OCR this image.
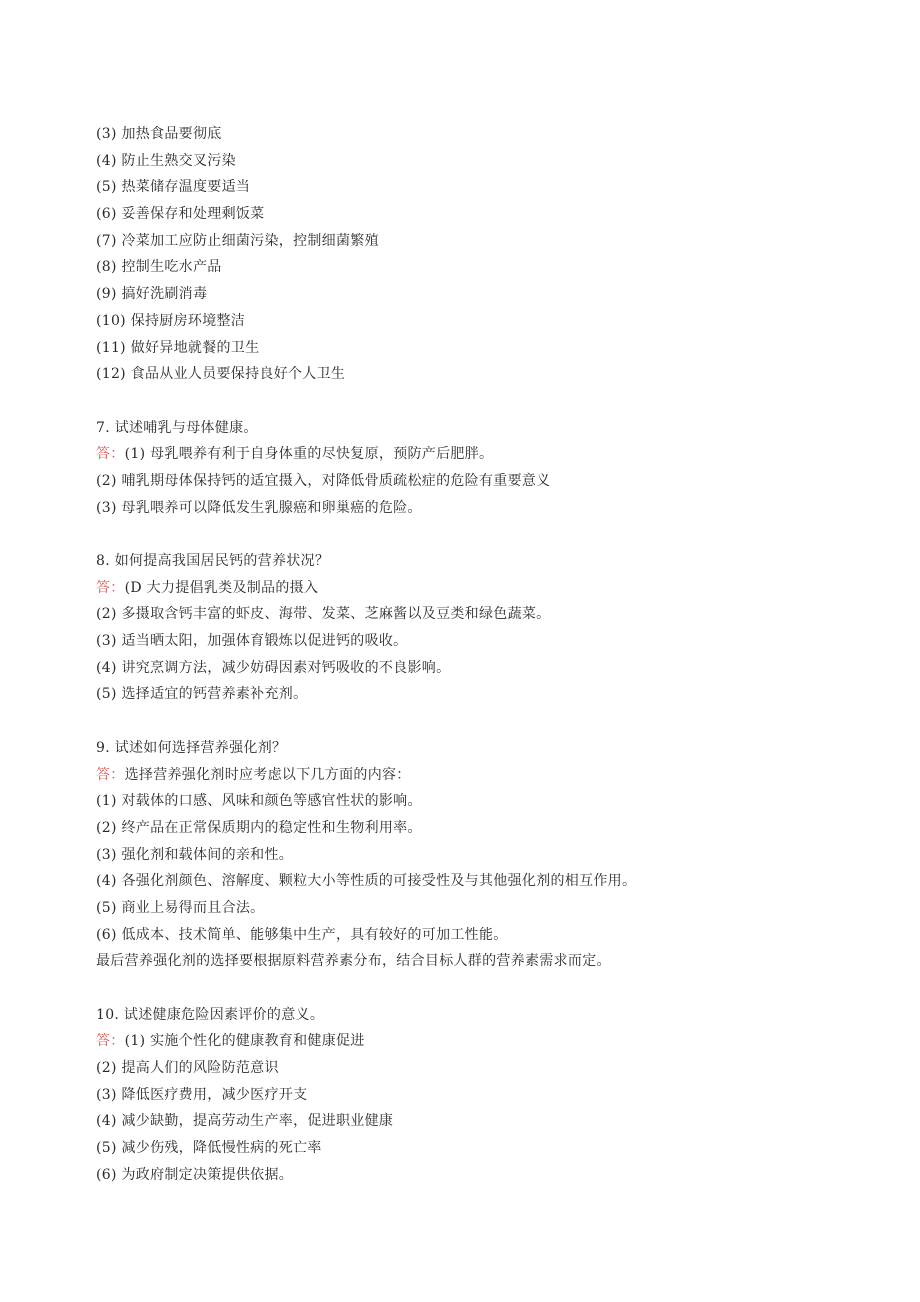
(3) 加热食品要彻底
(4) 防止生熟交叉污染
(5) 热菜储存温度要适当
(6) 妥善保存和处理剩饭菜
(7) 冷菜加工应防止细菌污染，控制细菌繁殖
(8) 控制生吃水产品
(9) 搞好洗刷消毒
(10) 保持厨房环境整洁
(11) 做好异地就餐的卫生
(12) 食品从业人员要保持良好个人卫生
7. 试述哺乳与母体健康。
答：(1) 母乳喂养有利于自身体重的尽快复原，预防产后肥胖。
(2) 哺乳期母体保持钙的适宜摄入，对降低骨质疏松症的危险有重要意义
(3) 母乳喂养可以降低发生乳腺癌和卵巢癌的危险。
8. 如何提高我国居民钙的营养状况？
答：(D 大力提倡乳类及制品的摄入
(2) 多摄取含钙丰富的虾皮、海带、发菜、芝麻酱以及豆类和绿色蔬菜。
(3) 适当晒太阳，加强体育锻炼以促进钙的吸收。
(4) 讲究烹调方法，减少妨碍因素对钙吸收的不良影响。
(5) 选择适宜的钙营养素补充剂。
9. 试述如何选择营养强化剂？
答：选择营养强化剂时应考虑以下几方面的内容：
(1) 对载体的口感、风味和颜色等感官性状的影响。
(2) 终产品在正常保质期内的稳定性和生物利用率。
(3) 强化剂和载体间的亲和性。
(4) 各强化剂颜色、溶解度、颗粒大小等性质的可接受性及与其他强化剂的相互作用。
(5) 商业上易得而且合法。
(6) 低成本、技术简单、能够集中生产，具有较好的可加工性能。
最后营养强化剂的选择要根据原料营养素分布，结合目标人群的营养素需求而定。
10. 试述健康危险因素评价的意义。
答：(1) 实施个性化的健康教育和健康促进
(2) 提高人们的风险防范意识
(3) 降低医疗费用，减少医疗开支
(4) 减少缺勤，提高劳动生产率，促进职业健康
(5) 减少伤残，降低慢性病的死亡率
(6) 为政府制定决策提供依据。
